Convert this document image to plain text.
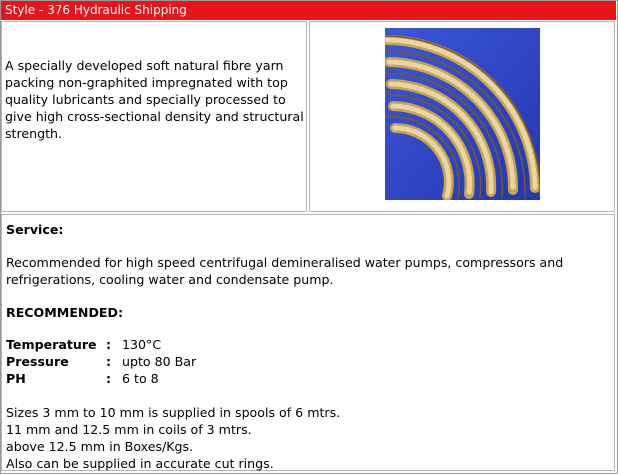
Style - 376 Hydraulic Shipping

A specially developed soft natural fibre yarn packing non-graphited impregnated with top quality lubricants and specially processed to give high cross-sectional density and structural strength.

Service:
Recommended for high speed centrifugal demineralised water pumps, compressors and
refrigerations, cooling water and condensate pump.
RECOMMENDED:
Temperature : 130°C
Pressure	: upto 80 Bar
PH	: 6 to 8
Sizes 3 mm to 10 mm is supplied in spools of 6 mtrs.
11 mm and 12.5 mm in coils of 3 mtrs.
above 12.5 mm in Boxes/Kgs.
Also can be supplied in accurate cut rings.
